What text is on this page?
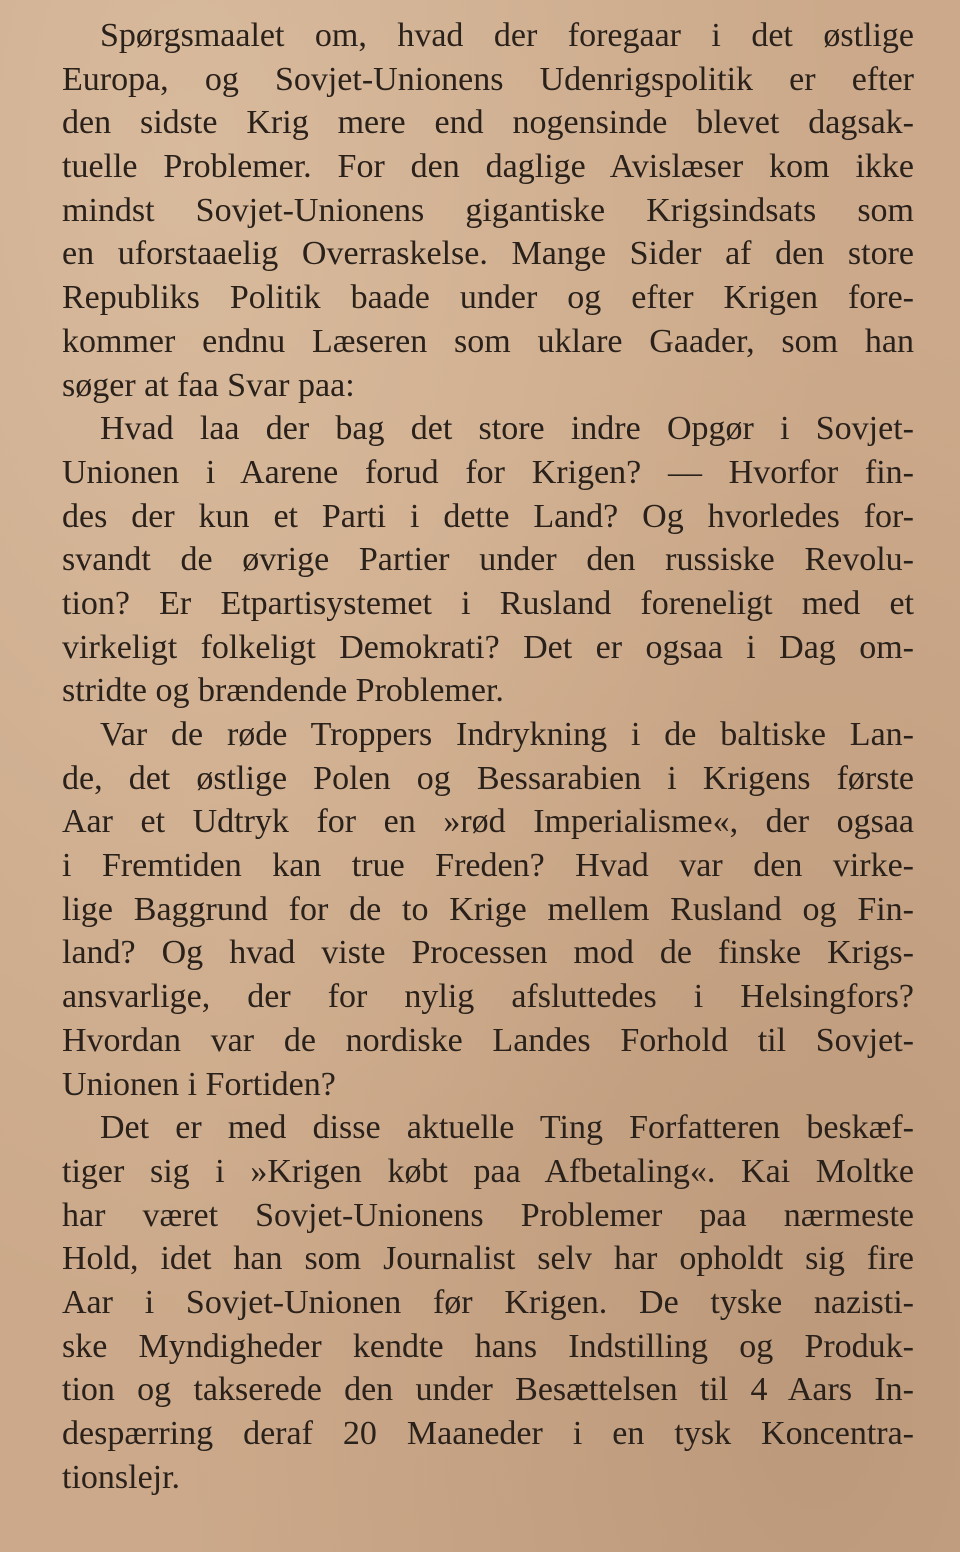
Spørgsmaalet om, hvad der foregaar i det østlige
Europa, og Sovjet-Unionens Udenrigspolitik er efter
den sidste Krig mere end nogensinde blevet dagsak-
tuelle Problemer. For den daglige Avislæser kom ikke
mindst Sovjet-Unionens gigantiske Krigsindsats som
en uforstaaelig Overraskelse. Mange Sider af den store
Republiks Politik baade under og efter Krigen fore-
kommer endnu Læseren som uklare Gaader, som han
søger at faa Svar paa:
Hvad laa der bag det store indre Opgør i Sovjet-
Unionen i Aarene forud for Krigen? — Hvorfor fin-
des der kun et Parti i dette Land? Og hvorledes for-
svandt de øvrige Partier under den russiske Revolu-
tion? Er Etpartisystemet i Rusland foreneligt med et
virkeligt folkeligt Demokrati? Det er ogsaa i Dag om-
stridte og brændende Problemer.
Var de røde Troppers Indrykning i de baltiske Lan-
de, det østlige Polen og Bessarabien i Krigens første
Aar et Udtryk for en »rød Imperialisme«, der ogsaa
i Fremtiden kan true Freden? Hvad var den virke-
lige Baggrund for de to Krige mellem Rusland og Fin-
land? Og hvad viste Processen mod de finske Krigs-
ansvarlige, der for nylig afsluttedes i Helsingfors?
Hvordan var de nordiske Landes Forhold til Sovjet-
Unionen i Fortiden?
Det er med disse aktuelle Ting Forfatteren beskæf-
tiger sig i »Krigen købt paa Afbetaling«. Kai Moltke
har været Sovjet-Unionens Problemer paa nærmeste
Hold, idet han som Journalist selv har opholdt sig fire
Aar i Sovjet-Unionen før Krigen. De tyske nazisti-
ske Myndigheder kendte hans Indstilling og Produk-
tion og takserede den under Besættelsen til 4 Aars In-
despærring deraf 20 Maaneder i en tysk Koncentra-
tionslejr.
